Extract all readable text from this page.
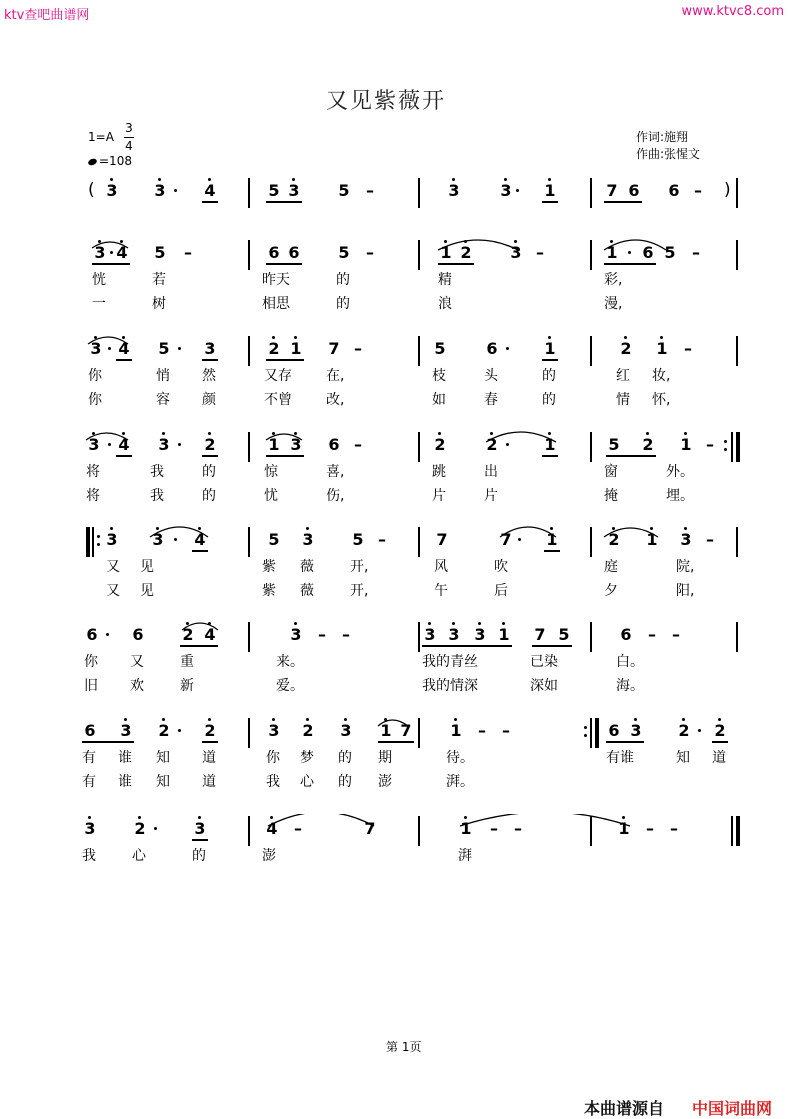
ktv查吧曲谱网	www.ktvc8.com
又见紫薇开
1=A
3
4
=108
作词:施翔
作曲:张惺文
( 3 3 4	5 3 5 –	3	3 1	7 6 6 – )
3 4 5 –	6 6 5 –	1 2 3 –	1 6 5 –
恍	若	昨天	的	精	彩,
一	树	相思	的	浪	漫,
3 4 5 3	2 1 7 –	5	6	1	2 1 –
你	悄 然	又存 在,	枝	头	的	红 妆,
你	容 颜	不曾 改,	如	春	的	情 怀,
3 4 3 2	1 3 6 –	2	2	1	5 2 1 –
将	我	的	惊	喜,	跳	出	窗	外。
将	我	的	忧	伤,	片	片	掩	埋。
3 3 4	5 3 5 –	7	7 1	2 1 3 –
又 见	紫 薇	开,	风	吹	庭	院,
又 见	紫 薇	开,	午	后	夕	阳,
6 6 2 4	3 – –	3 3 3 1 7 5	6 – –
你 又	重	来。	我的青丝	已染	白。
旧 欢	新	爱。	我的情深	深如	海。
6 3 2 2	3 2 3 1 7 1 – –	6 3 2 2
有 谁 知 道	你 梦 的 期	待。	有谁	知 道
有 谁 知 道	我 心 的 澎	湃。
3 2	3	4 –	7	1 – –	1 – –
我	心	的	澎	湃
第 1页
本曲谱源自 中国词曲网
